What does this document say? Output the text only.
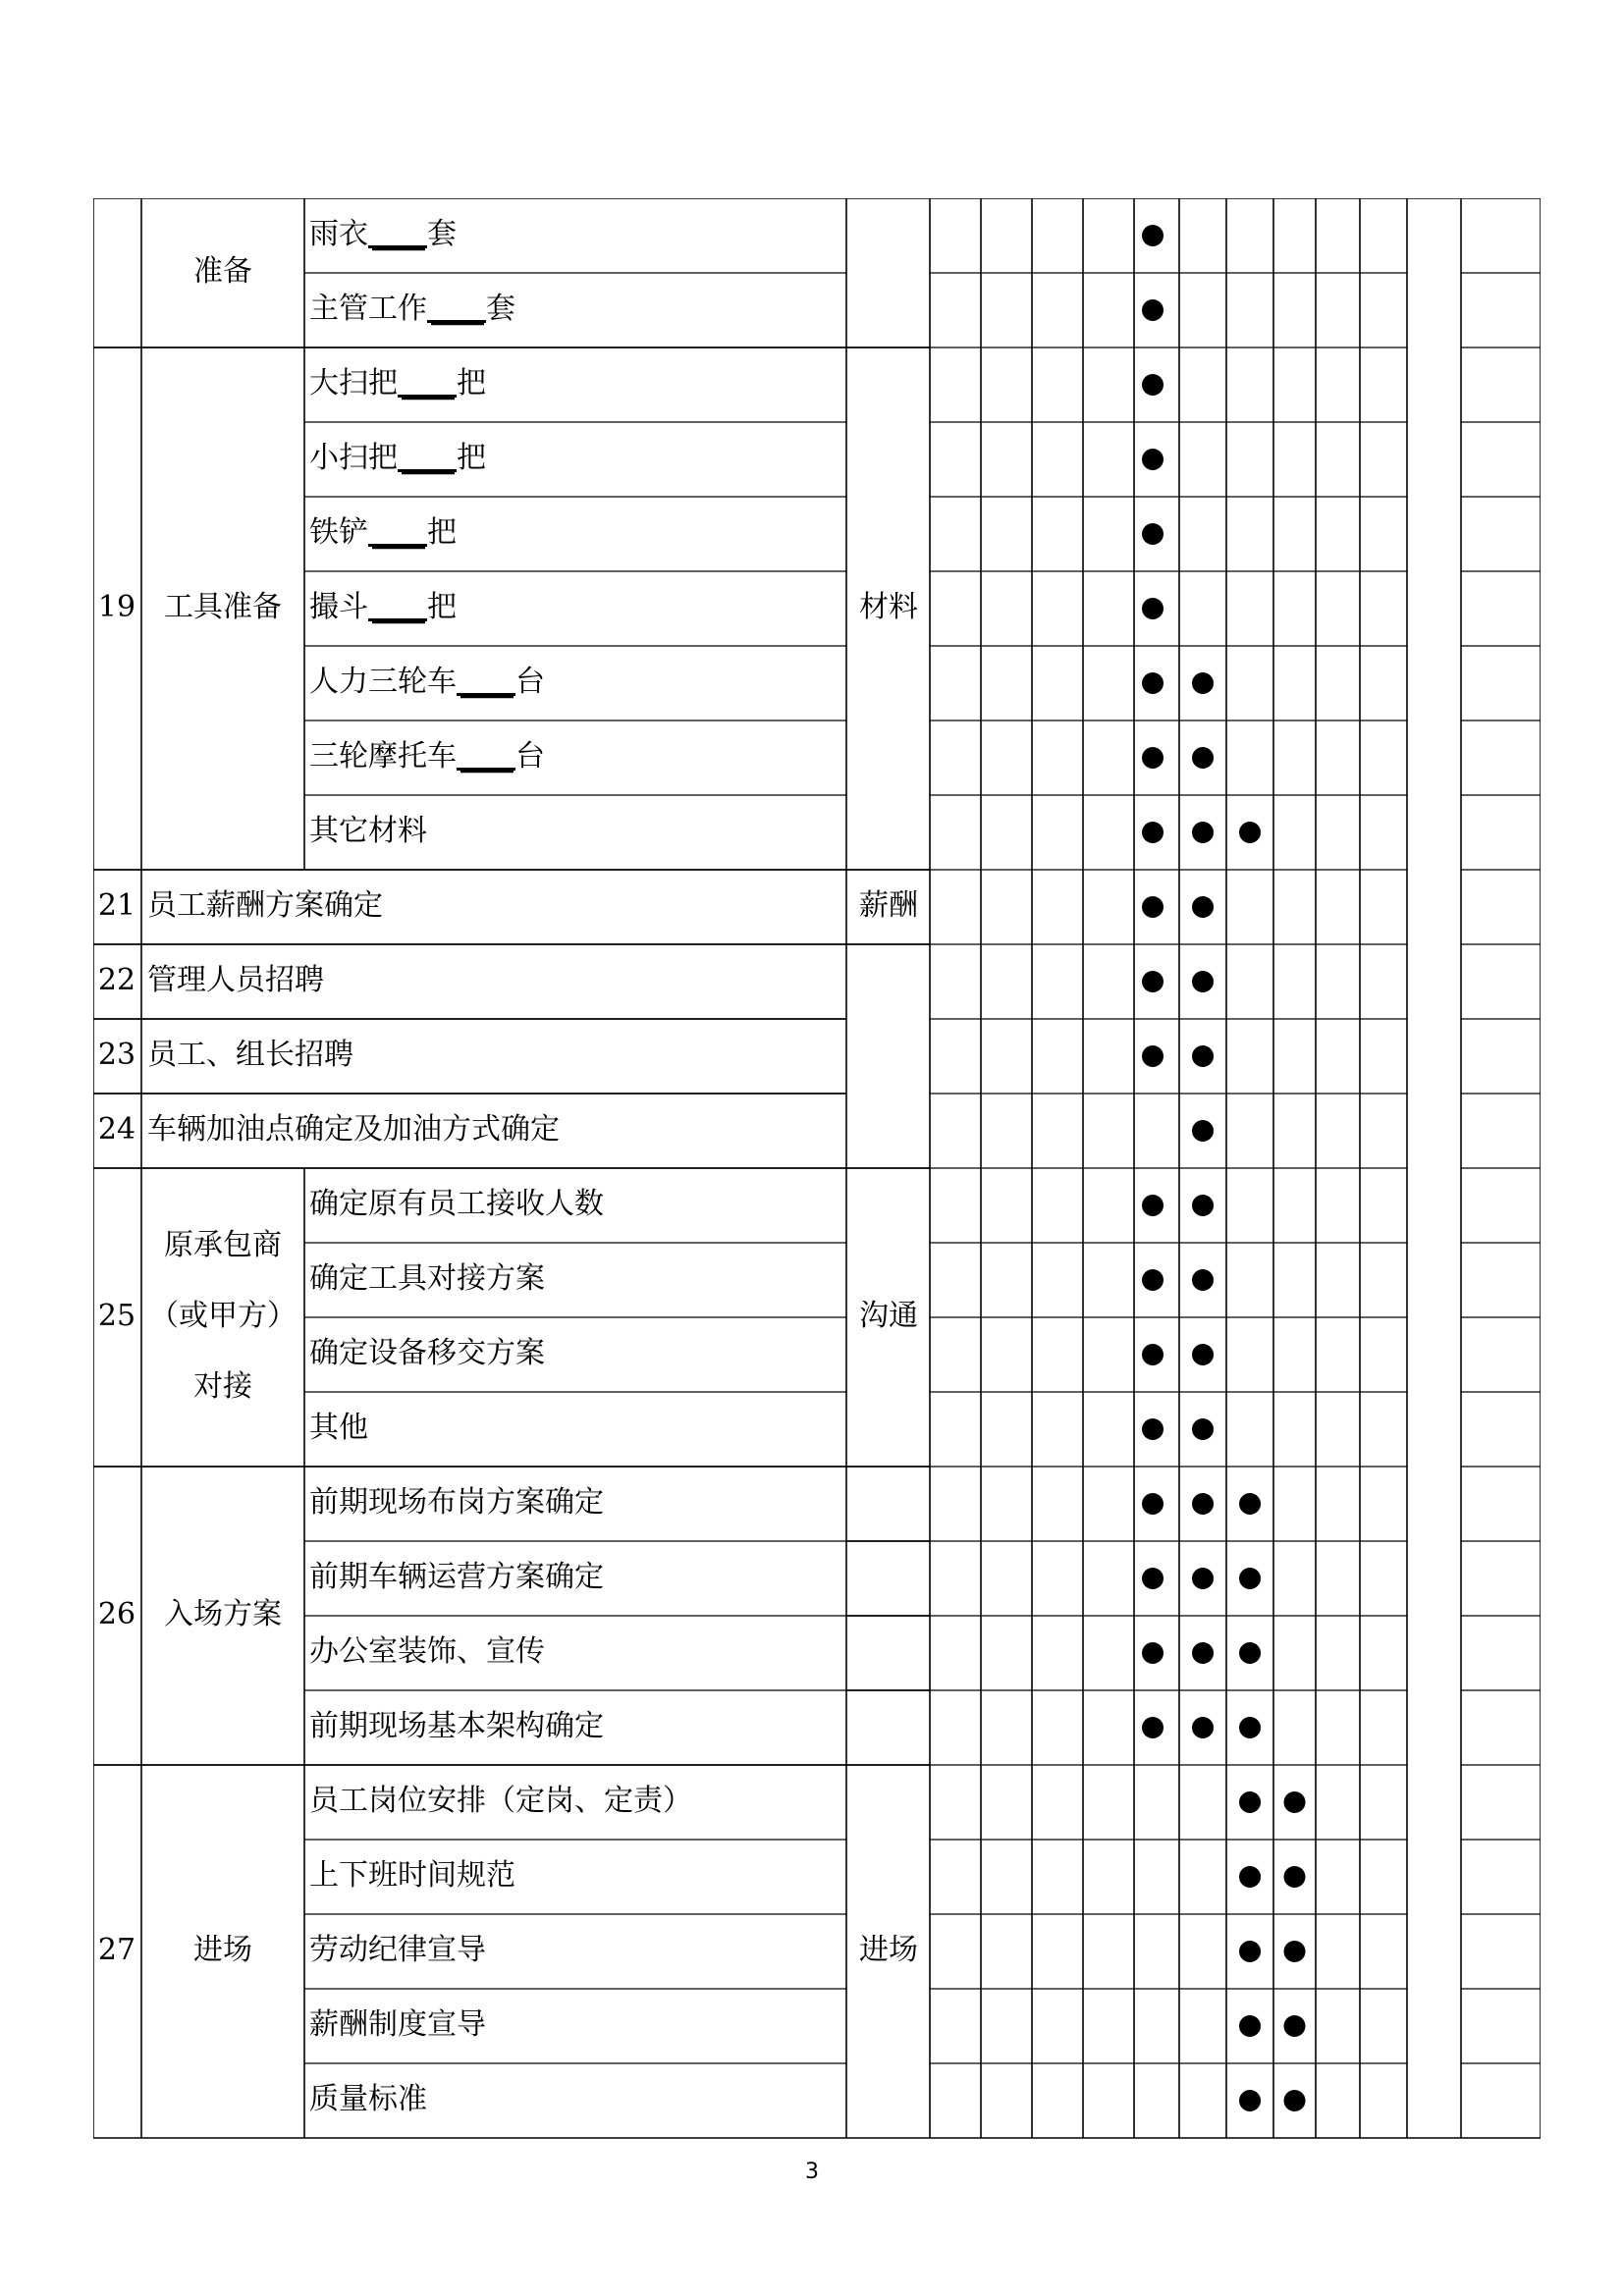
19
21
22
23
24
25
26
27
准备
工具准备
原承包商
（或甲方）
对接
入场方案
进场
材料
薪酬
沟通
进场
雨衣   套
主管工作   套
大扫把   把
小扫把   把
铁铲   把
撮斗   把
人力三轮车   台
三轮摩托车   台
其它材料
员工薪酬方案确定
管理人员招聘
员工、组长招聘
车辆加油点确定及加油方式确定
确定原有员工接收人数
确定工具对接方案
确定设备移交方案
其他
前期现场布岗方案确定
前期车辆运营方案确定
办公室装饰、宣传
前期现场基本架构确定
员工岗位安排（定岗、定责）
上下班时间规范
劳动纪律宣导
薪酬制度宣导
质量标准
3
